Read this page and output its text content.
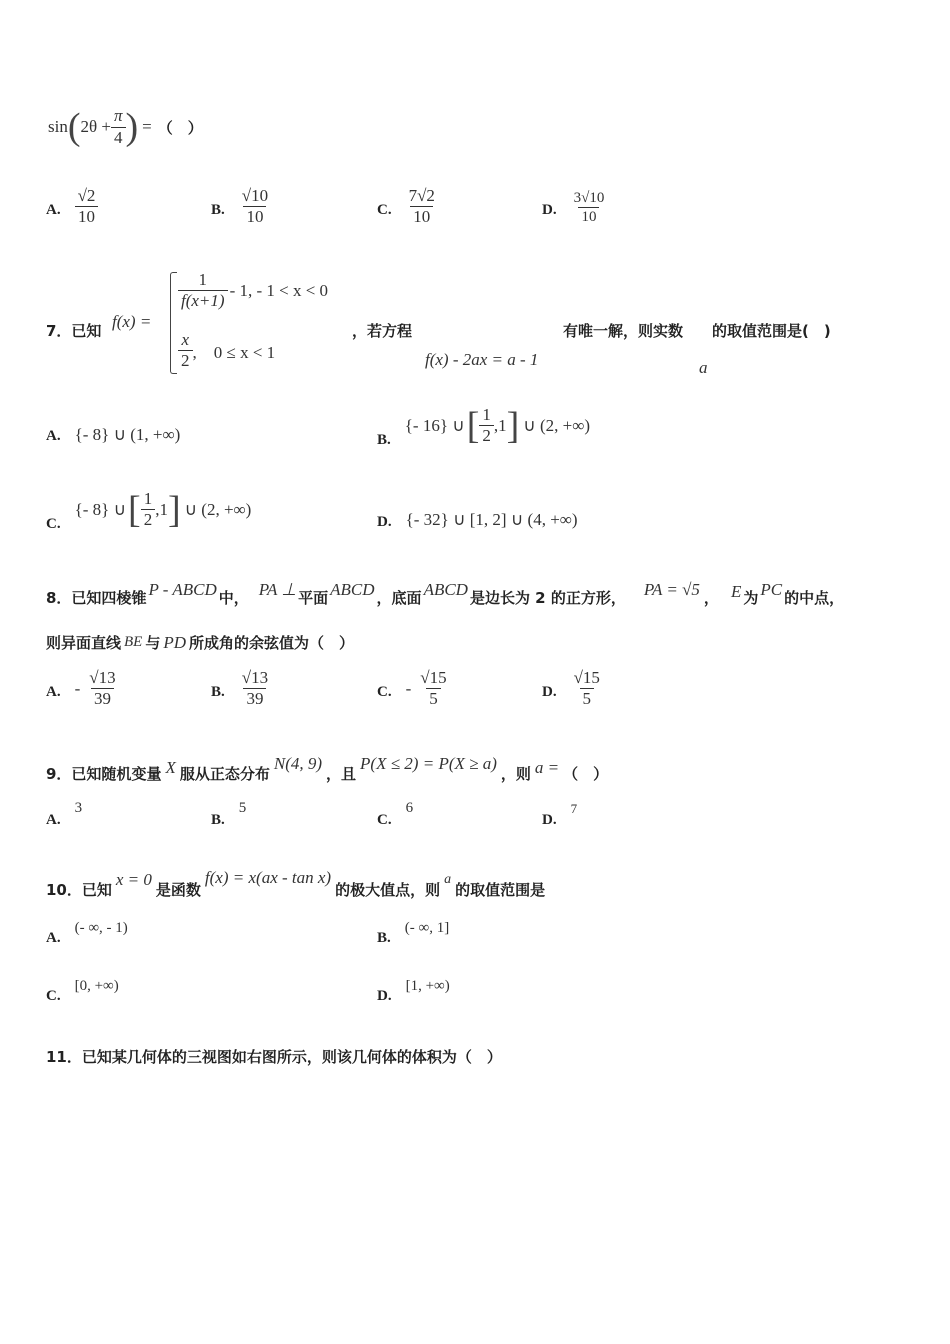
sin ( $2\theta + \frac{\pi}{4}$ ) = （　）
A. $\frac{√2}{10}$	B. $\frac{√10}{10}$	C. $\frac{7√2}{10}$	D. $\frac{3√10}{10}$
7．已知 f(x) =
$\frac{1}{f(x+1)} - 1$, - 1 < x < 0
$\frac{x}{2}$ ,　0 ≤ x < 1
，若方程
f(x) - 2ax = a - 1
有唯一解，则实数 的取值范围是(　)
a
A. {- 8} ∪ (1, +∞)	B.
{- 16} ∪ [ $\frac{1}{2} ,1$ ] ∪ (2, +∞)
C.
{- 8} ∪ [ $\frac{1}{2} ,1$ ] ∪ (2, +∞)
D. {- 32} ∪ [1, 2] ∪ (4, +∞)
8．已知四棱锥 P - ABCD 中， PA ⊥ 平面 ABCD ，底面 ABCD 是边长为 2 的正方形， PA = √5 ， E 为 PC 的中点，
则异面直线 BE 与 PD 所成角的余弦值为（　）
A. - $\frac{√13}{39}$	B. $\frac{√13}{39}$	C. - $\frac{√15}{5}$	D. $\frac{√15}{5}$
9．已知随机变量 X 服从正态分布
N(4, 9)
，且
P(X ≤ 2) = P(X ≥ a)
，则 a = （　）
A.
3
B.
5
C.
6
D.
7
10．已知
x = 0
是函数
f(x) = x(ax - tan x)
的极大值点，则
a
的取值范围是
A.
(- ∞, - 1)
B.
(- ∞, 1]
C.
[0, +∞)
D.
[1, +∞)
11．已知某几何体的三视图如右图所示，则该几何体的体积为（　）
